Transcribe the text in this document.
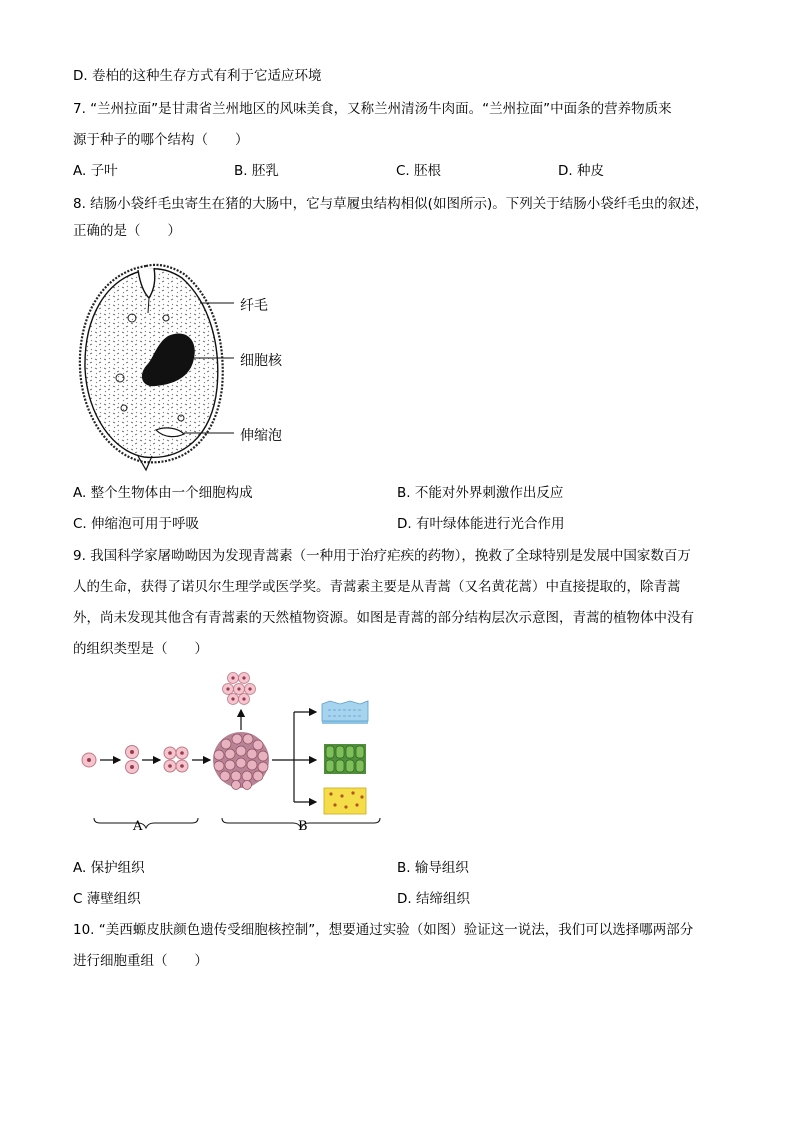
D. 卷柏的这种生存方式有利于它适应环境
7. “兰州拉面”是甘肃省兰州地区的风味美食，又称兰州清汤牛肉面。“兰州拉面”中面条的营养物质来
源于种子的哪个结构（　　）
A. 子叶	B. 胚乳	C. 胚根	D. 种皮
8. 结肠小袋纤毛虫寄生在猪的大肠中，它与草履虫结构相似(如图所示)。下列关于结肠小袋纤毛虫的叙述，
正确的是（　　）
纤毛
细胞核
伸缩泡
A. 整个生物体由一个细胞构成	B. 不能对外界刺激作出反应
C. 伸缩泡可用于呼吸	D. 有叶绿体能进行光合作用
9. 我国科学家屠呦呦因为发现青蒿素（一种用于治疗疟疾的药物），挽救了全球特别是发展中国家数百万
人的生命，获得了诺贝尔生理学或医学奖。青蒿素主要是从青蒿（又名黄花蒿）中直接提取的，除青蒿
外，尚未发现其他含有青蒿素的天然植物资源。如图是青蒿的部分结构层次示意图，青蒿的植物体中没有
的组织类型是（　　）
A	B
A. 保护组织	B. 输导组织
C 薄壁组织	D. 结缔组织
10. “美西螈皮肤颜色遗传受细胞核控制”，想要通过实验（如图）验证这一说法，我们可以选择哪两部分
进行细胞重组（　　）
